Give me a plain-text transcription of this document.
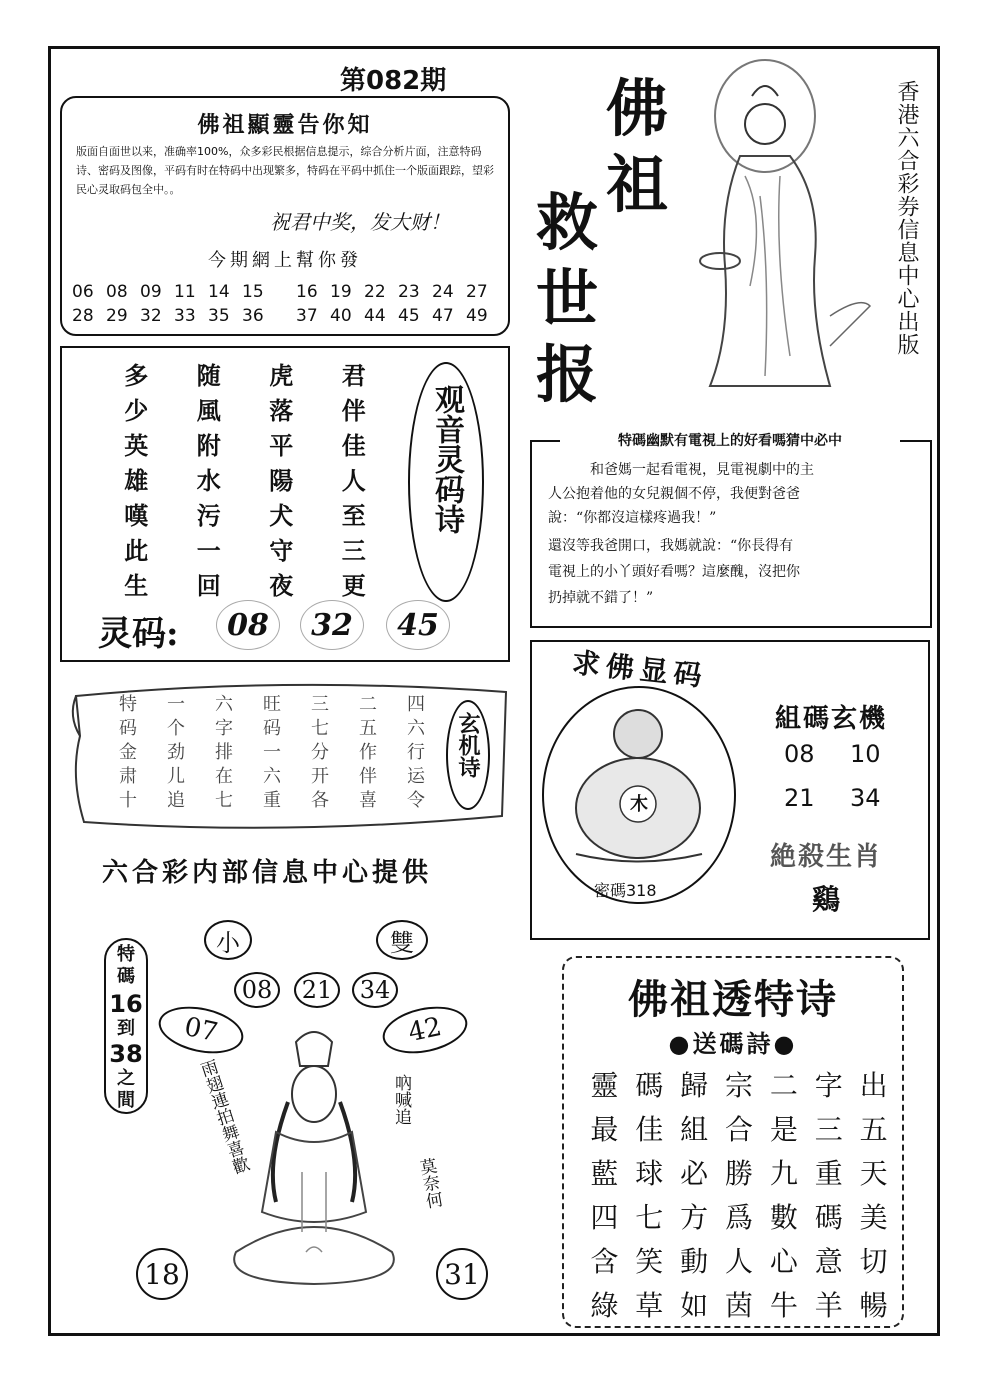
第082期
佛祖顯靈告你知
版面自面世以来，准确率100%，众多彩民根据信息提示，综合分析片面，注意特码诗、密码及图像，平码有时在特码中出现繁多，特码在平码中抓住一个版面跟踪，望彩民心灵取码包全中。。
祝君中奖，发大财！
今期網上幫你發
06 08 09 11 14 15 16 19 22 23 24 27
28 29 32 33 35 36 37 40 44 45 47 49
佛
祖
救
世
报
香港六合彩券信息中心出版
多	随	虎	君
少	風	落	伴
英	附	平	佳
雄	水	陽	人
嘆	污	犬	至
此	一	守	三
生	回	夜	更
观音灵码诗
灵码:	08	32	45
特碼幽默有電視上的好看嗎猜中必中
和爸媽一起看電視，見電視劇中的主
人公抱着他的女兒親個不停，我便對爸爸
說：“你都沒這樣疼過我！”
還沒等我爸開口，我媽就說：“你長得有
電視上的小丫頭好看嗎？這麼醜，沒把你
扔掉就不錯了！”
特	一	六	旺	三	二	四
码	个	字	码	七	五	六
金	劲	排	一	分	作	行
肃	儿	在	六	开	伴	运
十	追	七	重	各	喜	令
玄机诗
求佛显码
木
密碼318
組碼玄機
08 10
21 34
絶殺生肖
鷄
六合彩内部信息中心提供
小	雙
特
碼
16
到
38
之
間
08	21	34
07	42
雨翅連拍舞喜歡	吶喊追
莫奈何
18	31
佛祖透特诗
●送碼詩●
靈 碼 歸 宗 二 字 出
最 佳 組 合 是 三 五
藍 球 必 勝 九 重 天
四 七 方 爲 數 碼 美
含 笑 動 人 心 意 切
綠 草 如 茵 牛 羊 暢
